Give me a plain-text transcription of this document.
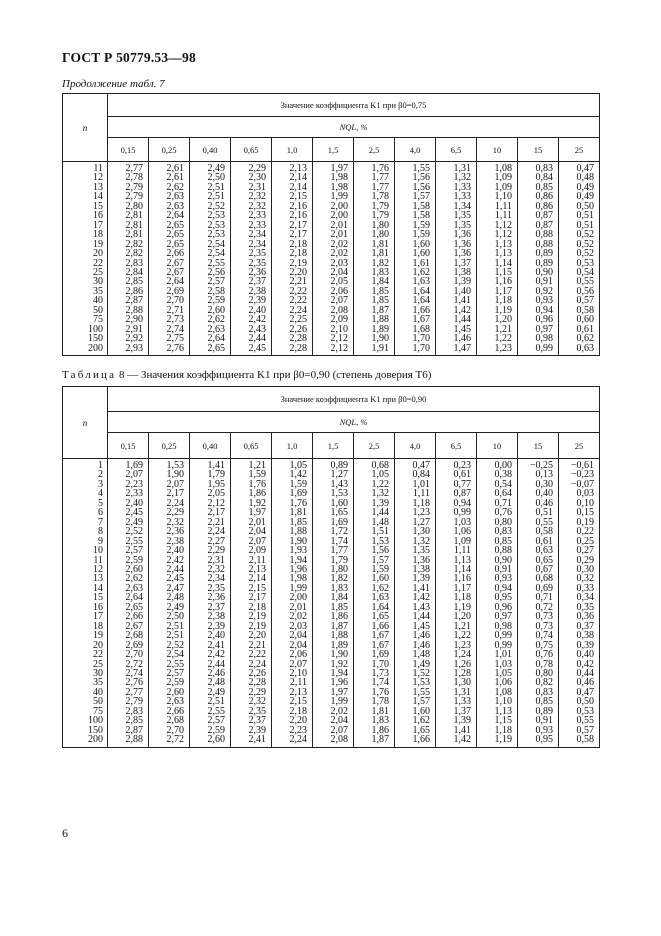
ГОСТ Р 50779.53—98
Продолжение табл. 7
n	Значение коэффициента K1 при β0=0,75											
	NQL, %											
	0,15	0,25	0,40	0,65	1,0	1,5	2,5	4,0	6,5	10	15	25
11	2,77	2,61	2,49	2,29	2,13	1,97	1,76	1,55	1,31	1,08	0,83	0,47
12	2,78	2,61	2,50	2,30	2,14	1,98	1,77	1,56	1,32	1,09	0,84	0,48
13	2,79	2,62	2,51	2,31	2,14	1,98	1,77	1,56	1,33	1,09	0,85	0,49
14	2,79	2,63	2,51	2,32	2,15	1,99	1,78	1,57	1,33	1,10	0,86	0,49
15	2,80	2,63	2,52	2,32	2,16	2,00	1,79	1,58	1,34	1,11	0,86	0,50
16	2,81	2,64	2,53	2,33	2,16	2,00	1,79	1,58	1,35	1,11	0,87	0,51
17	2,81	2,65	2,53	2,33	2,17	2,01	1,80	1,59	1,35	1,12	0,87	0,51
18	2,81	2,65	2,53	2,34	2,17	2,01	1,80	1,59	1,36	1,12	0,88	0,52
19	2,82	2,65	2,54	2,34	2,18	2,02	1,81	1,60	1,36	1,13	0,88	0,52
20	2,82	2,66	2,54	2,35	2,18	2,02	1,81	1,60	1,36	1,13	0,89	0,52
22	2,83	2,67	2,55	2,35	2,19	2,03	1,82	1,61	1,37	1,14	0,89	0,53
25	2,84	2,67	2,56	2,36	2,20	2,04	1,83	1,62	1,38	1,15	0,90	0,54
30	2,85	2,64	2,57	2,37	2,21	2,05	1,84	1,63	1,39	1,16	0,91	0,55
35	2,86	2,69	2,58	2,38	2,22	2,06	1,85	1,64	1,40	1,17	0,92	0,56
40	2,87	2,70	2,59	2,39	2,22	2,07	1,85	1,64	1,41	1,18	0,93	0,57
50	2,88	2,71	2,60	2,40	2,24	2,08	1,87	1,66	1,42	1,19	0,94	0,58
75	2,90	2,73	2,62	2,42	2,25	2,09	1,88	1,67	1,44	1,20	0,96	0,60
100	2,91	2,74	2,63	2,43	2,26	2,10	1,89	1,68	1,45	1,21	0,97	0,61
150	2,92	2,75	2,64	2,44	2,28	2,12	1,90	1,70	1,46	1,22	0,98	0,62
200	2,93	2,76	2,65	2,45	2,28	2,12	1,91	1,70	1,47	1,23	0,99	0,63
Таблица 8 — Значения коэффициента K1 при β0=0,90 (степень доверия Т6)
n	Значение коэффициента K1 при β0=0,90											
	NQL, %											
	0,15	0,25	0,40	0,65	1,0	1,5	2,5	4,0	6,5	10	15	25
1	1,69	1,53	1,41	1,21	1,05	0,89	0,68	0,47	0,23	0,00	−0,25	−0,61
2	2,07	1,90	1,79	1,59	1,42	1,27	1,05	0,84	0,61	0,38	0,13	−0,23
3	2,23	2,07	1,95	1,76	1,59	1,43	1,22	1,01	0,77	0,54	0,30	−0,07
4	2,33	2,17	2,05	1,86	1,69	1,53	1,32	1,11	0,87	0,64	0,40	0,03
5	2,40	2,24	2,12	1,92	1,76	1,60	1,39	1,18	0,94	0,71	0,46	0,10
6	2,45	2,29	2,17	1,97	1,81	1,65	1,44	1,23	0,99	0,76	0,51	0,15
7	2,49	2,32	2,21	2,01	1,85	1,69	1,48	1,27	1,03	0,80	0,55	0,19
8	2,52	2,36	2,24	2,04	1,88	1,72	1,51	1,30	1,06	0,83	0,58	0,22
9	2,55	2,38	2,27	2,07	1,90	1,74	1,53	1,32	1,09	0,85	0,61	0,25
10	2,57	2,40	2,29	2,09	1,93	1,77	1,56	1,35	1,11	0,88	0,63	0,27
11	2,59	2,42	2,31	2,11	1,94	1,79	1,57	1,36	1,13	0,90	0,65	0,29
12	2,60	2,44	2,32	2,13	1,96	1,80	1,59	1,38	1,14	0,91	0,67	0,30
13	2,62	2,45	2,34	2,14	1,98	1,82	1,60	1,39	1,16	0,93	0,68	0,32
14	2,63	2,47	2,35	2,15	1,99	1,83	1,62	1,41	1,17	0,94	0,69	0,33
15	2,64	2,48	2,36	2,17	2,00	1,84	1,63	1,42	1,18	0,95	0,71	0,34
16	2,65	2,49	2,37	2,18	2,01	1,85	1,64	1,43	1,19	0,96	0,72	0,35
17	2,66	2,50	2,38	2,19	2,02	1,86	1,65	1,44	1,20	0,97	0,73	0,36
18	2,67	2,51	2,39	2,19	2,03	1,87	1,66	1,45	1,21	0,98	0,73	0,37
19	2,68	2,51	2,40	2,20	2,04	1,88	1,67	1,46	1,22	0,99	0,74	0,38
20	2,69	2,52	2,41	2,21	2,04	1,89	1,67	1,46	1,23	0,99	0,75	0,39
22	2,70	2,54	2,42	2,22	2,06	1,90	1,69	1,48	1,24	1,01	0,76	0,40
25	2,72	2,55	2,44	2,24	2,07	1,92	1,70	1,49	1,26	1,03	0,78	0,42
30	2,74	2,57	2,46	2,26	2,10	1,94	1,73	1,52	1,28	1,05	0,80	0,44
35	2,76	2,59	2,48	2,28	2,11	1,96	1,74	1,53	1,30	1,06	0,82	0,46
40	2,77	2,60	2,49	2,29	2,13	1,97	1,76	1,55	1,31	1,08	0,83	0,47
50	2,79	2,63	2,51	2,32	2,15	1,99	1,78	1,57	1,33	1,10	0,85	0,50
75	2,83	2,66	2,55	2,35	2,18	2,02	1,81	1,60	1,37	1,13	0,89	0,53
100	2,85	2,68	2,57	2,37	2,20	2,04	1,83	1,62	1,39	1,15	0,91	0,55
150	2,87	2,70	2,59	2,39	2,23	2,07	1,86	1,65	1,41	1,18	0,93	0,57
200	2,88	2,72	2,60	2,41	2,24	2,08	1,87	1,66	1,42	1,19	0,95	0,58
6
